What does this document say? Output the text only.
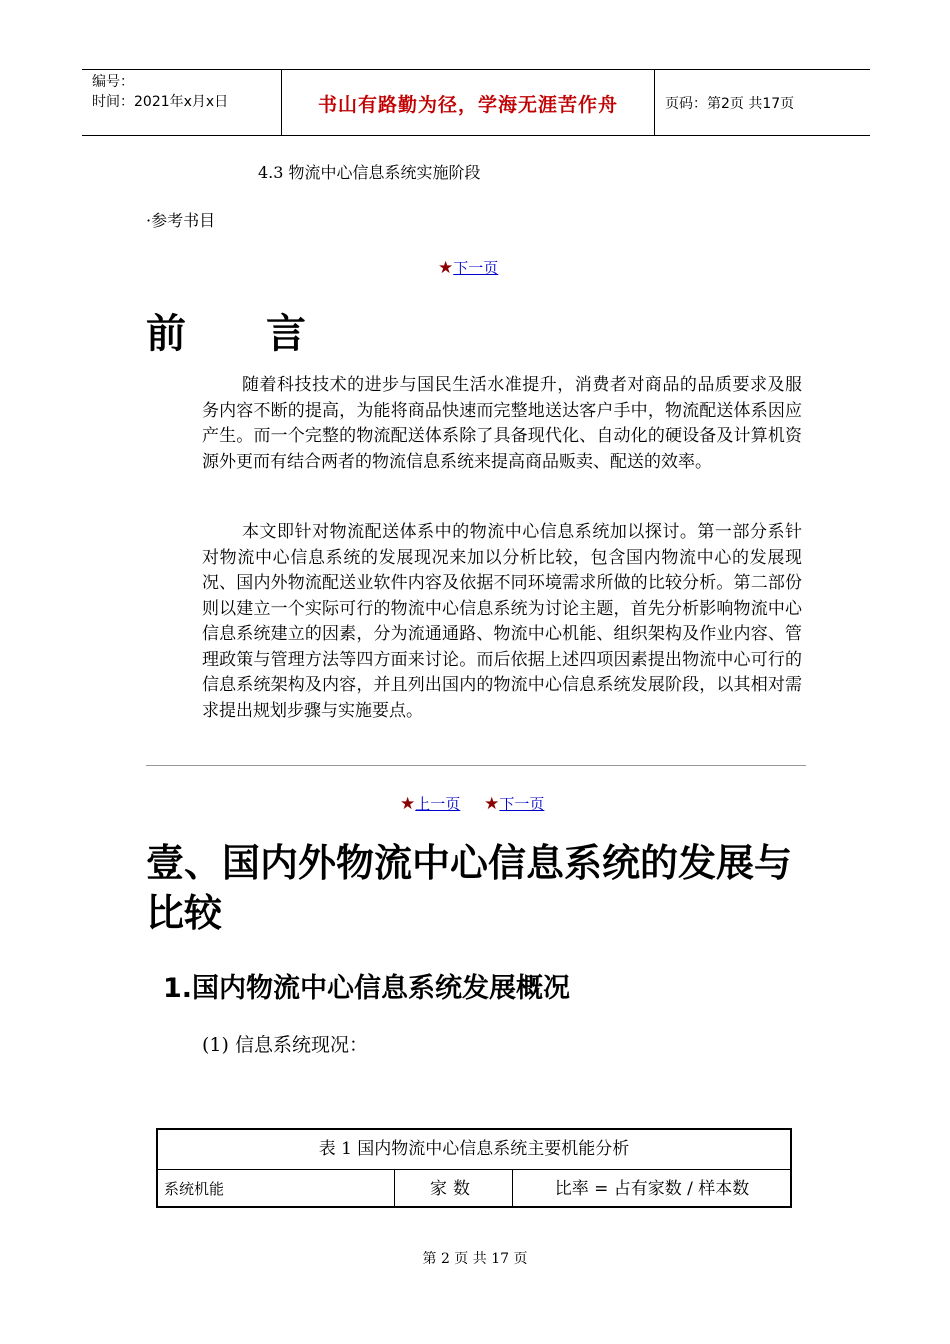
编号：
时间：2021年x月x日	书山有路勤为径，学海无涯苦作舟	页码：第2页 共17页
4.3 物流中心信息系统实施阶段
·参考书目
★下一页
前言
随着科技技术的进步与国民生活水准提升，消费者对商品的品质要求及服务内容不断的提高，为能将商品快速而完整地送达客户手中，物流配送体系因应产生。而一个完整的物流配送体系除了具备现代化、自动化的硬设备及计算机资源外更而有结合两者的物流信息系统来提高商品贩卖、配送的效率。
本文即针对物流配送体系中的物流中心信息系统加以探讨。第一部分系针对物流中心信息系统的发展现况来加以分析比较，包含国内物流中心的发展现况、国内外物流配送业软件内容及依据不同环境需求所做的比较分析。第二部份则以建立一个实际可行的物流中心信息系统为讨论主题，首先分析影响物流中心信息系统建立的因素，分为流通通路、物流中心机能、组织架构及作业内容、管理政策与管理方法等四方面来讨论。而后依据上述四项因素提出物流中心可行的信息系统架构及内容，并且列出国内的物流中心信息系统发展阶段，以其相对需求提出规划步骤与实施要点。
★上一页 ★下一页
壹、国内外物流中心信息系统的发展与比较
1.国内物流中心信息系统发展概况
(1) 信息系统现况：
表 1 国内物流中心信息系统主要机能分析
系统机能	家数	比率 = 占有家数 / 样本数
第 2 页 共 17 页
